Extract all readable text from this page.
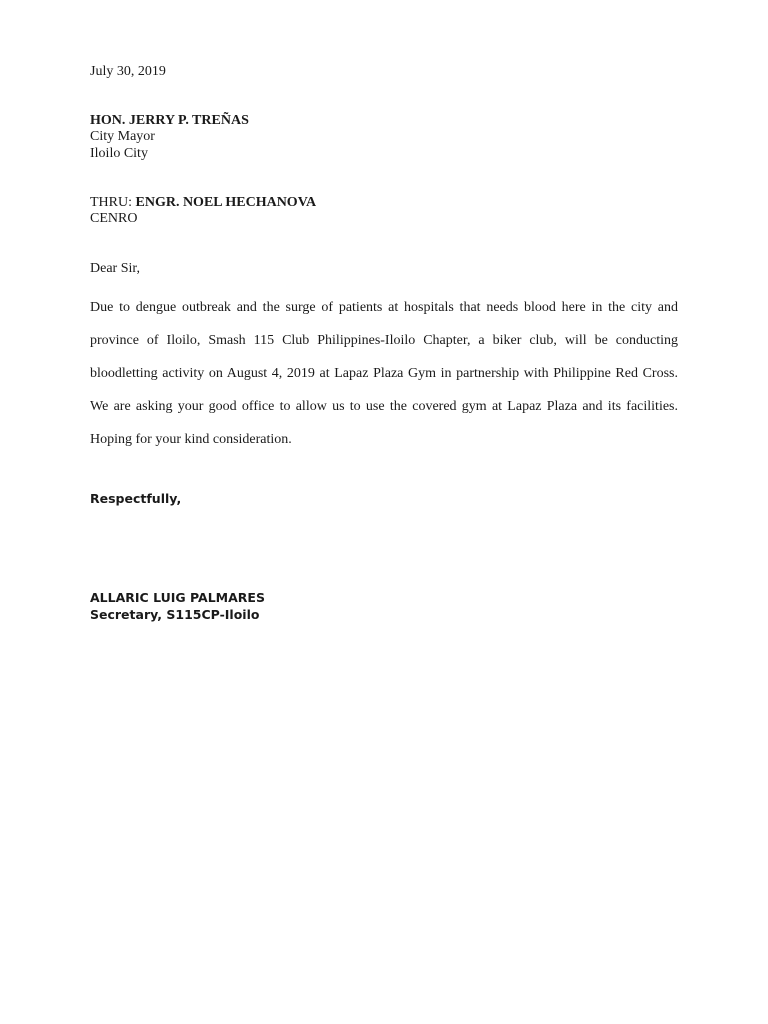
July 30, 2019
HON. JERRY P. TREÑAS
City Mayor
Iloilo City
THRU: ENGR. NOEL HECHANOVA
CENRO
Dear Sir,
Due to dengue outbreak and the surge of patients at hospitals that needs blood here in the city and province of Iloilo, Smash 115 Club Philippines-Iloilo Chapter, a biker club, will be conducting bloodletting activity on August 4, 2019 at Lapaz Plaza Gym in partnership with Philippine Red Cross. We are asking your good office to allow us to use the covered gym at Lapaz Plaza and its facilities. Hoping for your kind consideration.
Respectfully,
ALLARIC LUIG PALMARES
Secretary, S115CP-Iloilo
